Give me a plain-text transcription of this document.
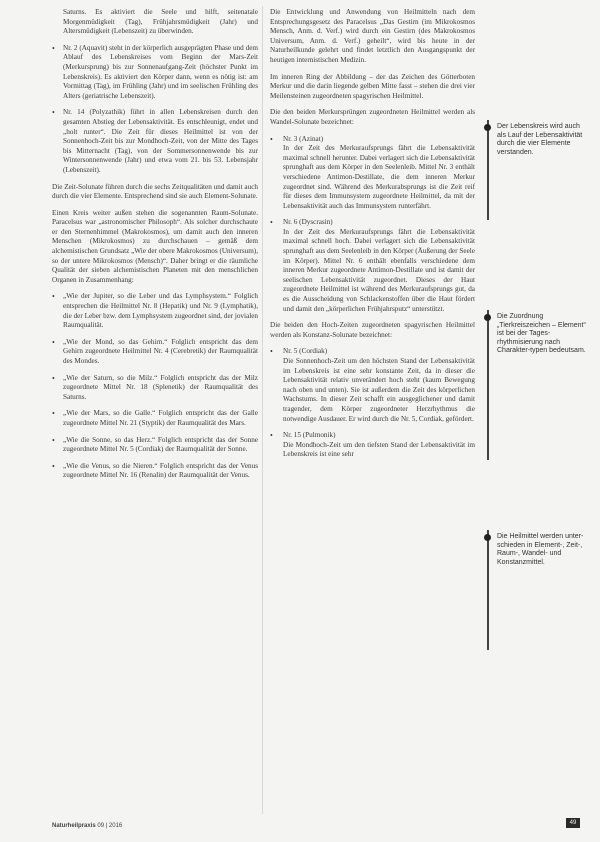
Saturns. Es aktiviert die Seele und hilft, seitenatale Morgenmüdigkeit (Tag), Frühjahrsmüdigkeit (Jahr) und Altersmüdigkeit (Lebenszeit) zu überwinden.

• Nr. 2 (Aquavit) steht in der körperlich ausgeprägten Phase und dem Ablauf des Lebenskreises vom Beginn der Mars-Zeit (Merkursprung) bis zur Sonnenaufgang-Zeit (höchster Punkt im Lebenskreis). Es aktiviert den Körper dann, wenn es nötig ist: am Vormittag (Tag), im Frühling (Jahr) und im seelischen Frühling des Alters (geriatrische Lebenszeit).
• Nr. 14 (Polyzathik) führt in allen Lebenskreisen durch den gesamten Abstieg der Lebensaktivität. Es entschleunigt, endet und „holt runter“. Die Zeit für dieses Heilmittel ist von der Sonnenhoch-Zeit bis zur Mondhoch-Zeit, von der Mitte des Tages bis Mitternacht (Tag), von der Sommersonnenwende bis zur Wintersonnenwende (Jahr) und etwa vom 21. bis 53. Lebensjahr (Lebenszeit).

Die Zeit-Solunate führen durch die sechs Zeitqualitäten und damit auch durch die vier Elemente. Entsprechend sind sie auch Element-Solunate.

Einen Kreis weiter außen stehen die sogenannten Raum-Solunate. Paracelsus war „astronomischer Philosoph“. Als solcher durchschaute er den Sternenhimmel (Makrokosmos), um damit auch den inneren Menschen (Mikrokosmos) zu durchschauen – gemäß dem alchemistischen Grundsatz „Wie der obere Makrokosmos (Universum), so der untere Mikrokosmos (Mensch)“. Daher bringt er die räumliche Qualität der sieben alchemistischen Planeten mit den menschlichen Organen in Zusammenhang:

• „Wie der Jupiter, so die Leber und das Lymphsystem.“ Folglich entsprechen die Heilmittel Nr. 8 (Hepatik) und Nr. 9 (Lymphatik), die der Leber bzw. dem Lymphsystem zugeordnet sind, der jovialen Raumqualität.
• „Wie der Mond, so das Gehirn.“ Folglich entspricht das dem Gehirn zugeordnete Heilmittel Nr. 4 (Cerebretik) der Raumqualität des Mondes.
• „Wie der Saturn, so die Milz.“ Folglich entspricht das der Milz zugeordnete Mittel Nr. 18 (Splenetik) der Raumqualität des Saturns.
• „Wie der Mars, so die Galle.“ Folglich entspricht das der Galle zugeordnete Mittel Nr. 21 (Styptik) der Raumqualität des Mars.
• „Wie die Sonne, so das Herz.“ Folglich entspricht das der Sonne zugeordnete Mittel Nr. 5 (Cordiak) der Raumqualität der Sonne.
• „Wie die Venus, so die Nieren.“ Folglich entspricht das der Venus zugeordnete Mittel Nr. 16 (Renalin) der Raumqualität der Venus.

Die Entwicklung und Anwendung von Heilmitteln nach dem Entsprechungsgesetz des Paracelsus „Das Gestirn (im Mikrokosmos Mensch, Anm. d. Verf.) wird durch ein Gestirn (des Makrokosmos Universum, Anm. d. Verf.) geheilt“, wird bis heute in der Naturheilkunde gelehrt und findet letztlich den Ausgangspunkt der heutigen internistischen Medizin.

Im inneren Ring der Abbildung – der das Zeichen des Götterboten Merkur und die darin liegende gelben Mitte fasst – stehen die drei vier Meilensteinen zugeordneten spagyrischen Heilmittel.

Die den beiden Merkursprüngen zugeordneten Heilmittel werden als Wandel-Solunate bezeichnet:

• Nr. 3 (Azinat)
In der Zeit des Merkuraufsprungs fährt die Lebensaktivität maximal schnell herunter. Dabei verlagert sich die Lebensaktivität sprunghaft aus dem Körper in den Seelenleib. Mittel Nr. 3 enthält verschiedene Antimon-Destillate, die dem inneren Merkur zugeordnet sind. Während des Merkurabsprungs ist die Zeit reif für dieses dem Immunsystem zugeordnete Heilmittel, da mit der Lebensaktivität auch das Immunsystem runterfährt.
• Nr. 6 (Dyscrasin)
In der Zeit des Merkuraufsprungs fährt die Lebensaktivität maximal schnell hoch. Dabei verlagert sich die Lebensaktivität sprunghaft aus dem Seelenleib in den Körper (Äußerung der Seele im Körper). Mittel Nr. 6 enthält ebenfalls verschiedene dem inneren Merkur zugeordnete Antimon-Destillate und ist damit der seelischen Lebensaktivität zugeordnet. Dieses der Haut zugeordnete Heilmittel ist während des Merkuraufsprungs gut, da es die Ausscheidung von Schlackenstoffen über die Haut fördert und damit den „körperlichen Frühjahrsputz“ unterstützt.

Die beiden den Hoch-Zeiten zugeordneten spagyrischen Heilmittel werden als Konstanz-Solunate bezeichnet:

• Nr. 5 (Cordiak)
Die Sonnenhoch-Zeit um den höchsten Stand der Lebensaktivität im Lebenskreis ist eine sehr konstante Zeit, da in dieser die Lebensaktivität relativ unverändert hoch steht (kaum Bewegung nach oben und unten). Sie ist außerdem die Zeit des körperlichen Wachstums. In dieser Zeit schafft ein ausgeglichener und damit tragender, dem Körper zugeordneter Herzrhythmus die notwendige Ausdauer. Er wird durch die Nr. 5, Cordiak, gefördert.
• Nr. 15 (Pulmonik)
Die Mondhoch-Zeit um den tiefsten Stand der Lebensaktivität im Lebenskreis ist eine sehr
Der Lebenskreis wird auch als Lauf der Lebensaktivität durch die vier Elemente verstanden.
Die Zuordnung „Tierkreiszeichen – Element“ ist bei der Tages-rhythmisierung nach Charakter-typen bedeutsam.
Die Heilmittel werden unter-schieden in Element-, Zeit-, Raum-, Wandel- und Konstanzmittel.
Naturheilpraxis 09 | 2016	49
